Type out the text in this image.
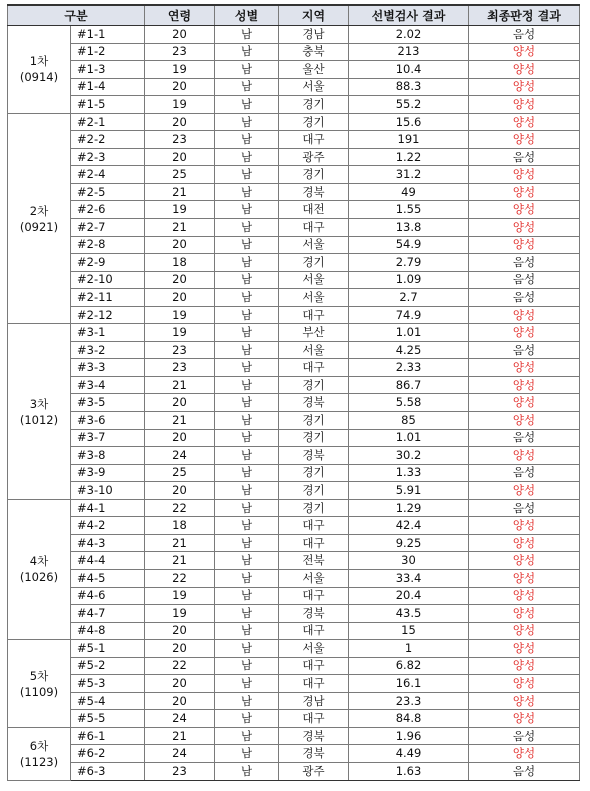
구분		연령	성별	지역	선별검사 결과	최종판정 결과

1차
(0914)	#1-1	20	남	경남	2.02	음성
	#1-2	23	남	충북	213	양성
	#1-3	19	남	울산	10.4	양성
	#1-4	20	남	서울	88.3	양성
	#1-5	19	남	경기	55.2	양성

2차
(0921)	#2-1	20	남	경기	15.6	양성
	#2-2	23	남	대구	191	양성
	#2-3	20	남	광주	1.22	음성
	#2-4	25	남	경기	31.2	양성
	#2-5	21	남	경북	49	양성
	#2-6	19	남	대전	1.55	양성
	#2-7	21	남	대구	13.8	양성
	#2-8	20	남	서울	54.9	양성
	#2-9	18	남	경기	2.79	음성
	#2-10	20	남	서울	1.09	음성
	#2-11	20	남	서울	2.7	음성
	#2-12	19	남	대구	74.9	양성

3차
(1012)	#3-1	19	남	부산	1.01	양성
	#3-2	23	남	서울	4.25	음성
	#3-3	23	남	대구	2.33	양성
	#3-4	21	남	경기	86.7	양성
	#3-5	20	남	경북	5.58	양성
	#3-6	21	남	경기	85	양성
	#3-7	20	남	경기	1.01	음성
	#3-8	24	남	경북	30.2	양성
	#3-9	25	남	경기	1.33	음성
	#3-10	20	남	경기	5.91	양성

4차
(1026)	#4-1	22	남	경기	1.29	음성
	#4-2	18	남	대구	42.4	양성
	#4-3	21	남	대구	9.25	양성
	#4-4	21	남	전북	30	양성
	#4-5	22	남	서울	33.4	양성
	#4-6	19	남	대구	20.4	양성
	#4-7	19	남	경북	43.5	양성
	#4-8	20	남	대구	15	양성

5차
(1109)	#5-1	20	남	서울	1	양성
	#5-2	22	남	대구	6.82	양성
	#5-3	20	남	대구	16.1	양성
	#5-4	20	남	경남	23.3	양성
	#5-5	24	남	대구	84.8	양성

6차
(1123)	#6-1	21	남	경북	1.96	음성
	#6-2	24	남	경북	4.49	양성
	#6-3	23	남	광주	1.63	음성
